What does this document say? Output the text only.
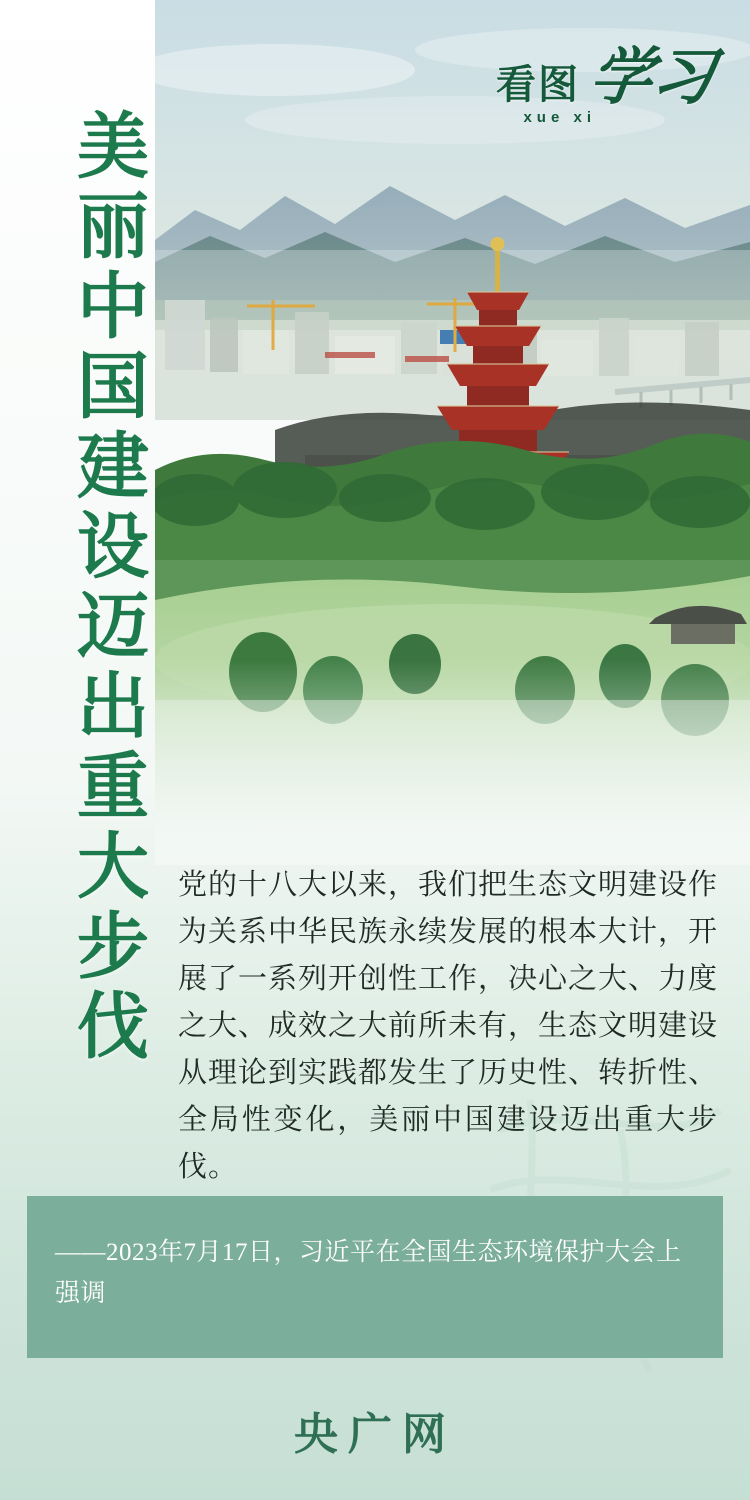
看图 学习
xue xi
美丽中国建设迈出重大步伐 党的十八大以来，我们把生态文明建设作为关系中华民族永续发展的根本大计，开展了一系列开创性工作，决心之大、力度之大、成效之大前所未有，生态文明建设从理论到实践都发生了历史性、转折性、全局性变化，美丽中国建设迈出重大步伐。
——2023年7月17日，习近平在全国生态环境保护大会上强调
央广网
